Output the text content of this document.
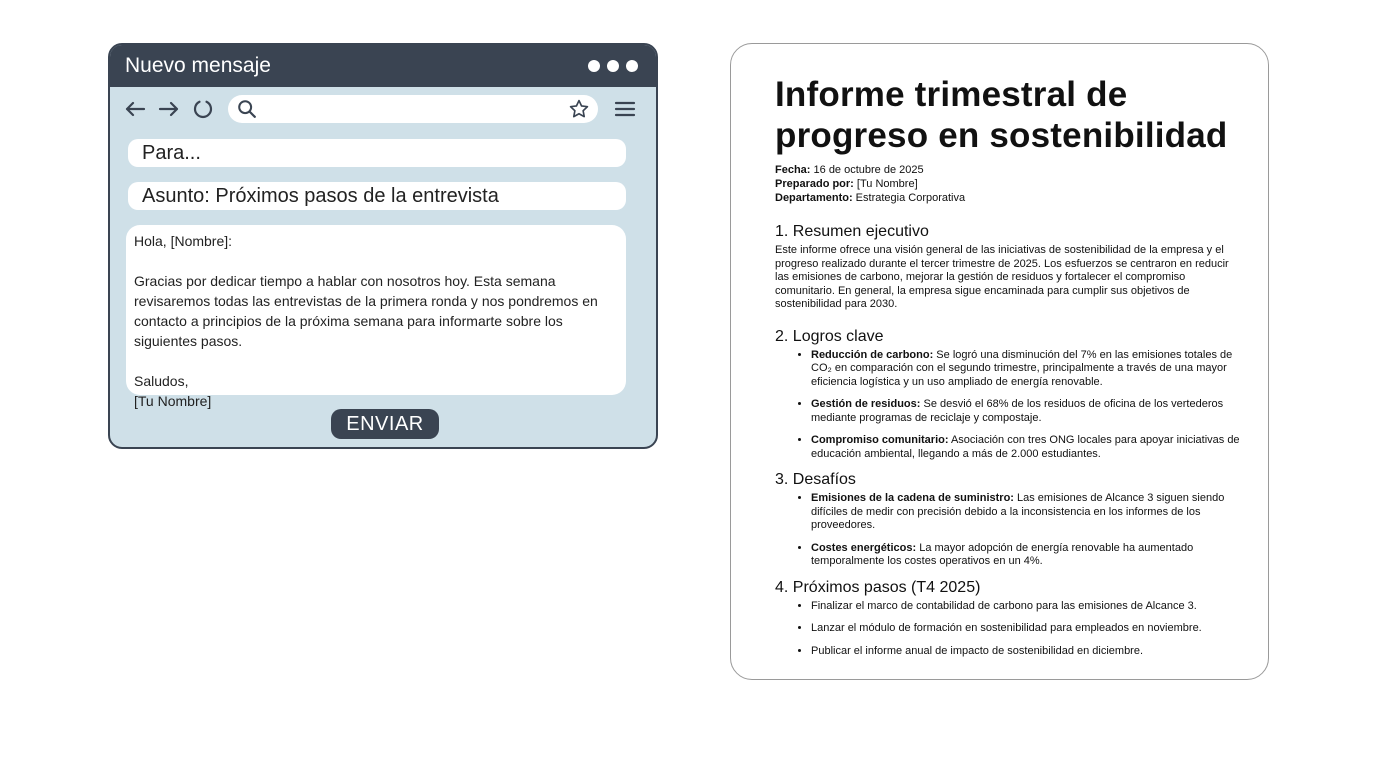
Nuevo mensaje
Para...
Asunto: Próximos pasos de la entrevista
Hola, [Nombre]:

Gracias por dedicar tiempo a hablar con nosotros hoy. Esta semana revisaremos todas las entrevistas de la primera ronda y nos pondremos en contacto a principios de la próxima semana para informarte sobre los siguientes pasos.

Saludos,
[Tu Nombre]
ENVIAR
Informe trimestral de progreso en sostenibilidad
Fecha: 16 de octubre de 2025
Preparado por: [Tu Nombre]
Departamento: Estrategia Corporativa
1. Resumen ejecutivo

Este informe ofrece una visión general de las iniciativas de sostenibilidad de la empresa y el progreso realizado durante el tercer trimestre de 2025. Los esfuerzos se centraron en reducir las emisiones de carbono, mejorar la gestión de residuos y fortalecer el compromiso comunitario. En general, la empresa sigue encaminada para cumplir sus objetivos de sostenibilidad para 2030.

2. Logros clave
• Reducción de carbono: Se logró una disminución del 7% en las emisiones totales de CO₂ en comparación con el segundo trimestre, principalmente a través de una mayor eficiencia logística y un uso ampliado de energía renovable.
• Gestión de residuos: Se desvió el 68% de los residuos de oficina de los vertederos mediante programas de reciclaje y compostaje.
• Compromiso comunitario: Asociación con tres ONG locales para apoyar iniciativas de educación ambiental, llegando a más de 2.000 estudiantes.
3. Desafíos
• Emisiones de la cadena de suministro: Las emisiones de Alcance 3 siguen siendo difíciles de medir con precisión debido a la inconsistencia en los informes de los proveedores.
• Costes energéticos: La mayor adopción de energía renovable ha aumentado temporalmente los costes operativos en un 4%.
4. Próximos pasos (T4 2025)
• Finalizar el marco de contabilidad de carbono para las emisiones de Alcance 3.
• Lanzar el módulo de formación en sostenibilidad para empleados en noviembre.
• Publicar el informe anual de impacto de sostenibilidad en diciembre.
